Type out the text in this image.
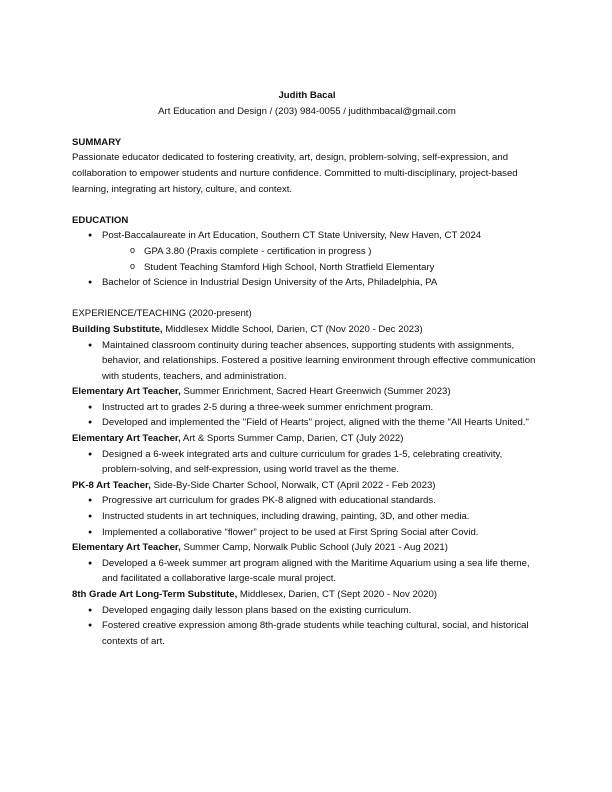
Judith Bacal
Art Education and Design / (203) 984-0055 / judithmbacal@gmail.com
SUMMARY
Passionate educator dedicated to fostering creativity, art, design, problem-solving, self-expression, and collaboration to empower students and nurture confidence. Committed to multi-disciplinary, project-based learning, integrating art history, culture, and context.
EDUCATION
● Post-Baccalaureate in Art Education, Southern CT State University, New Haven, CT 2024
o GPA 3.80 (Praxis complete - certification in progress )
o Student Teaching Stamford High School, North Stratfield Elementary
● Bachelor of Science in Industrial Design University of the Arts, Philadelphia, PA
EXPERIENCE/TEACHING (2020-present)
Building Substitute, Middlesex Middle School, Darien, CT (Nov 2020 - Dec 2023)
● Maintained classroom continuity during teacher absences, supporting students with assignments, behavior, and relationships. Fostered a positive learning environment through effective communication with students, teachers, and administration.
Elementary Art Teacher, Summer Enrichment, Sacred Heart Greenwich (Summer 2023)
● Instructed art to grades 2-5 during a three-week summer enrichment program.
● Developed and implemented the "Field of Hearts" project, aligned with the theme "All Hearts United."
Elementary Art Teacher, Art & Sports Summer Camp, Darien, CT (July 2022)
● Designed a 6-week integrated arts and culture curriculum for grades 1-5, celebrating creativity, problem-solving, and self-expression, using world travel as the theme.
PK-8 Art Teacher, Side-By-Side Charter School, Norwalk, CT (April 2022 - Feb 2023)
● Progressive art curriculum for grades PK-8 aligned with educational standards.
● Instructed students in art techniques, including drawing, painting, 3D, and other media.
● Implemented a collaborative “flower” project to be used at First Spring Social after Covid.
Elementary Art Teacher, Summer Camp, Norwalk Public School (July 2021 - Aug 2021)
● Developed a 6-week summer art program aligned with the Maritime Aquarium using a sea life theme, and facilitated a collaborative large-scale mural project.
8th Grade Art Long-Term Substitute, Middlesex, Darien, CT (Sept 2020 - Nov 2020)
● Developed engaging daily lesson plans based on the existing curriculum.
● Fostered creative expression among 8th-grade students while teaching cultural, social, and historical contexts of art.
